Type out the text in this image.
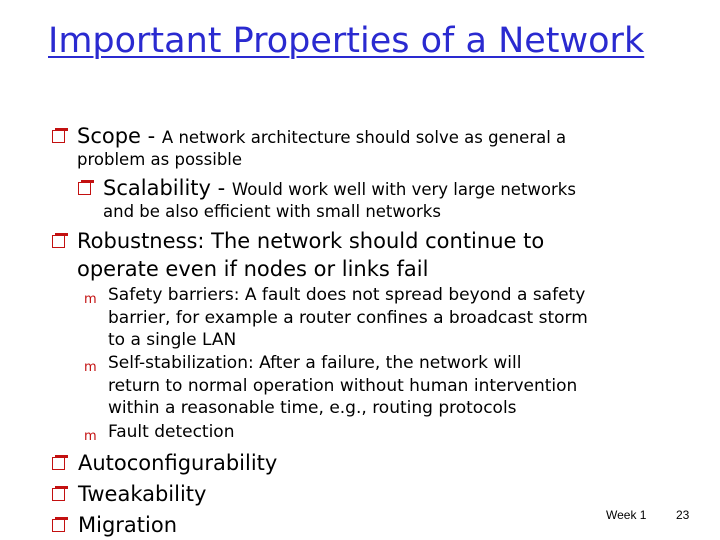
Important Properties of a Network
Scope - A network architecture should solve as general a
problem as possible
Scalability - Would work well with very large networks
and be also efficient with small networks
Robustness: The network should continue to
operate even if nodes or links fail
m Safety barriers: A fault does not spread beyond a safety
barrier, for example a router confines a broadcast storm
to a single LAN
m Self-stabilization: After a failure, the network will
return to normal operation without human intervention
within a reasonable time, e.g., routing protocols
m Fault detection
Autoconfigurability
Tweakability
Migration	Week 1 23
